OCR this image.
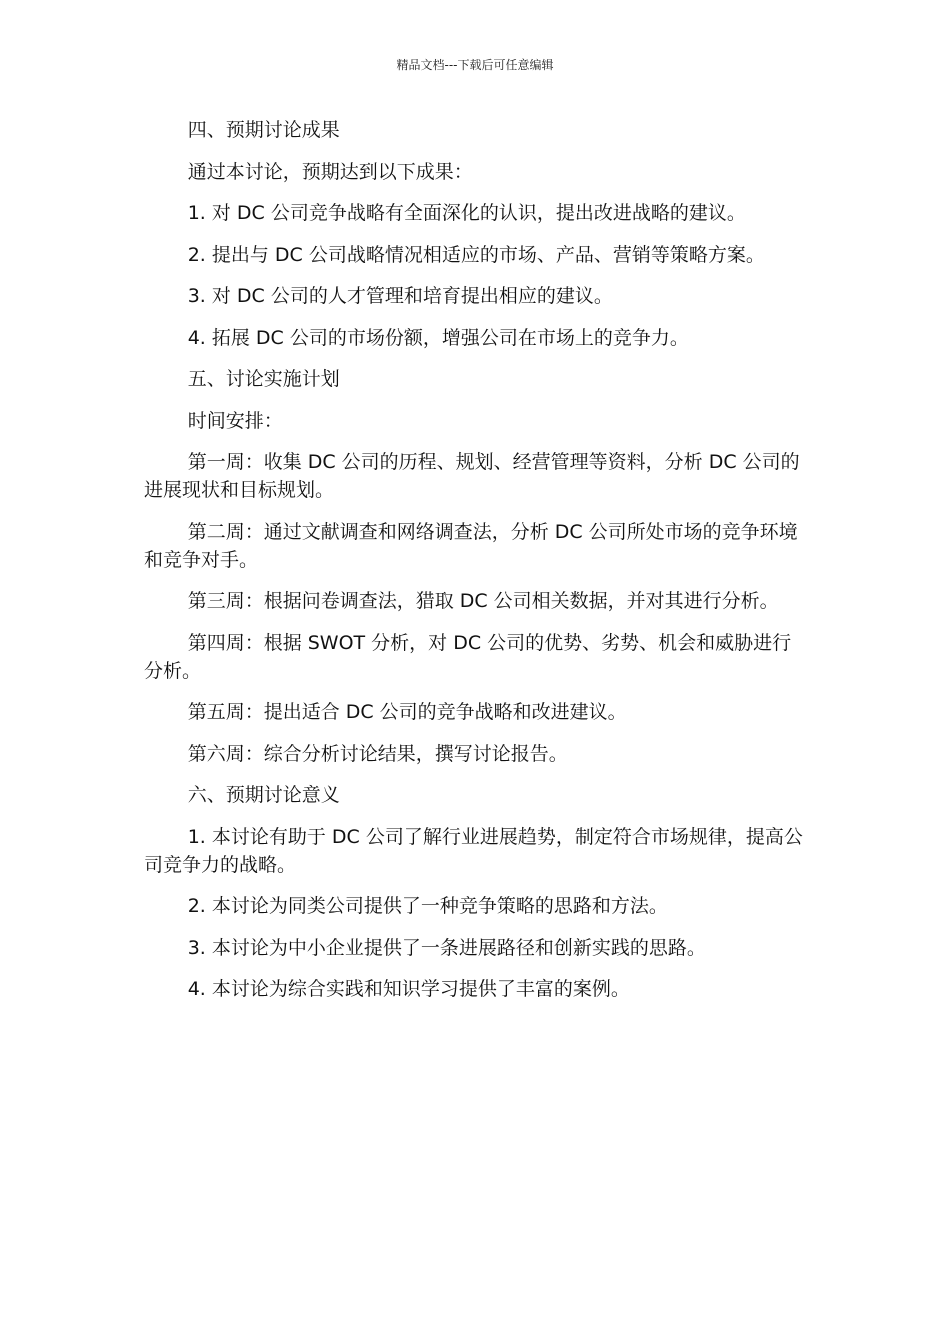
精品文档---下载后可任意编辑

四、预期讨论成果

通过本讨论，预期达到以下成果：

1. 对 DC 公司竞争战略有全面深化的认识，提出改进战略的建议。

2. 提出与 DC 公司战略情况相适应的市场、产品、营销等策略方案。

3. 对 DC 公司的人才管理和培育提出相应的建议。

4. 拓展 DC 公司的市场份额，增强公司在市场上的竞争力。

五、讨论实施计划

时间安排：

第一周：收集 DC 公司的历程、规划、经营管理等资料，分析 DC 公司的进展现状和目标规划。

第二周：通过文献调查和网络调查法，分析 DC 公司所处市场的竞争环境和竞争对手。

第三周：根据问卷调查法，猎取 DC 公司相关数据，并对其进行分析。

第四周：根据 SWOT 分析，对 DC 公司的优势、劣势、机会和威胁进行分析。

第五周：提出适合 DC 公司的竞争战略和改进建议。

第六周：综合分析讨论结果，撰写讨论报告。

六、预期讨论意义

1. 本讨论有助于 DC 公司了解行业进展趋势，制定符合市场规律，提高公司竞争力的战略。

2. 本讨论为同类公司提供了一种竞争策略的思路和方法。

3. 本讨论为中小企业提供了一条进展路径和创新实践的思路。

4. 本讨论为综合实践和知识学习提供了丰富的案例。
